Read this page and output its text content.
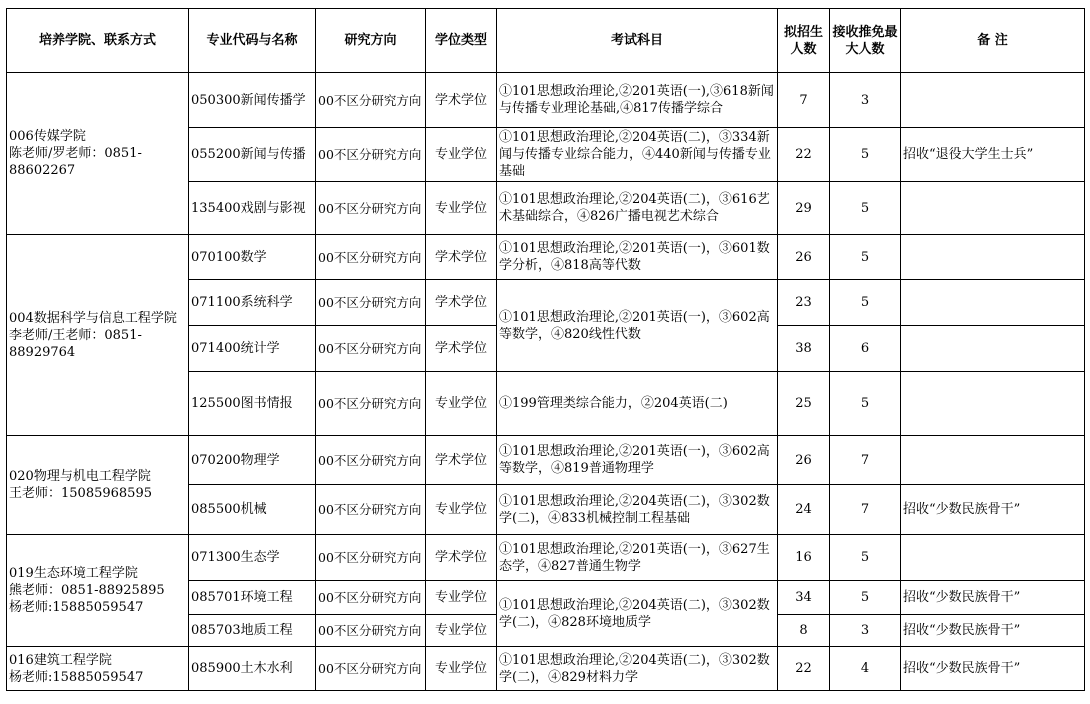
培养学院、联系方式	专业代码与名称	研究方向	学位类型	考试科目	拟招生人数	接收推免最大人数	备 注

006传媒学院
陈老师/罗老师：0851-88602267	050300新闻传播学	00不区分研究方向	学术学位	①101思想政治理论,②201英语(一),③618新闻与传播专业理论基础,④817传播学综合	7	3	
	055200新闻与传播	00不区分研究方向	专业学位	①101思想政治理论,②204英语(二)，③334新闻与传播专业综合能力，④440新闻与传播专业基础	22	5	招收“退役大学生士兵”
	135400戏剧与影视	00不区分研究方向	专业学位	①101思想政治理论,②204英语(二)，③616艺术基础综合，④826广播电视艺术综合	29	5	

004数据科学与信息工程学院
李老师/王老师：0851-88929764	070100数学	00不区分研究方向	学术学位	①101思想政治理论,②201英语(一)，③601数学分析，④818高等代数	26	5	
	071100系统科学	00不区分研究方向	学术学位	①101思想政治理论,②201英语(一)，③602高等数学，④820线性代数	23	5	
	071400统计学	00不区分研究方向	学术学位		38	6	
	125500图书情报	00不区分研究方向	专业学位	①199管理类综合能力，②204英语(二)	25	5	

020物理与机电工程学院
王老师：15085968595	070200物理学	00不区分研究方向	学术学位	①101思想政治理论,②201英语(一)，③602高等数学，④819普通物理学	26	7	
	085500机械	00不区分研究方向	专业学位	①101思想政治理论,②204英语(二)，③302数学(二)，④833机械控制工程基础	24	7	招收“少数民族骨干”

019生态环境工程学院
熊老师：0851-88925895
杨老师:15885059547	071300生态学	00不区分研究方向	学术学位	①101思想政治理论,②201英语(一)，③627生态学，④827普通生物学	16	5	
	085701环境工程	00不区分研究方向	专业学位	①101思想政治理论,②204英语(二)，③302数学(二)，④828环境地质学	34	5	招收“少数民族骨干”
	085703地质工程	00不区分研究方向	专业学位		8	3	招收“少数民族骨干”

016建筑工程学院
杨老师:15885059547	085900土木水利	00不区分研究方向	专业学位	①101思想政治理论,②204英语(二)，③302数学(二)，④829材料力学	22	4	招收“少数民族骨干”
